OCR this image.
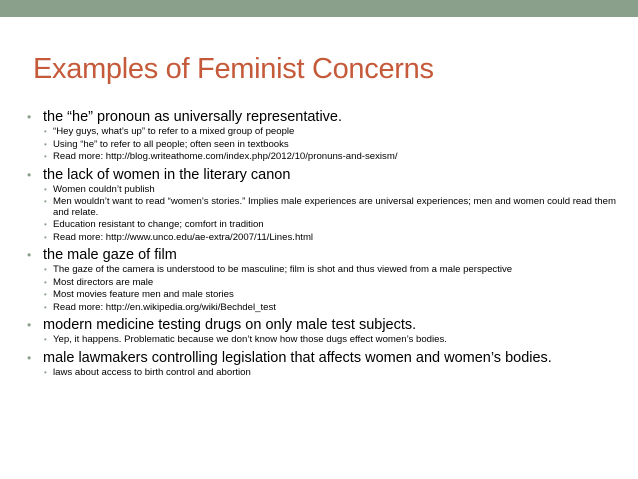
Examples of Feminist Concerns
• the “he” pronoun as universally representative.
• “Hey guys, what’s up” to refer to a mixed group of people
• Using “he” to refer to all people; often seen in textbooks
• Read more: http://blog.writeathome.com/index.php/2012/10/pronuns-and-sexism/
• the lack of women in the literary canon
• Women couldn’t publish
• Men wouldn’t want to read “women’s stories.” Implies male experiences are universal experiences; men and women could read them and relate.
• Education resistant to change; comfort in tradition
• Read more: http://www.unco.edu/ae-extra/2007/11/Lines.html
• the male gaze of film
• The gaze of the camera is understood to be masculine; film is shot and thus viewed from a male perspective
• Most directors are male
• Most movies feature men and male stories
• Read more: http://en.wikipedia.org/wiki/Bechdel_test
• modern medicine testing drugs on only male test subjects.
• Yep, it happens. Problematic because we don’t know how those dugs effect women’s bodies.
• male lawmakers controlling legislation that affects women and women’s bodies.
• laws about access to birth control and abortion
